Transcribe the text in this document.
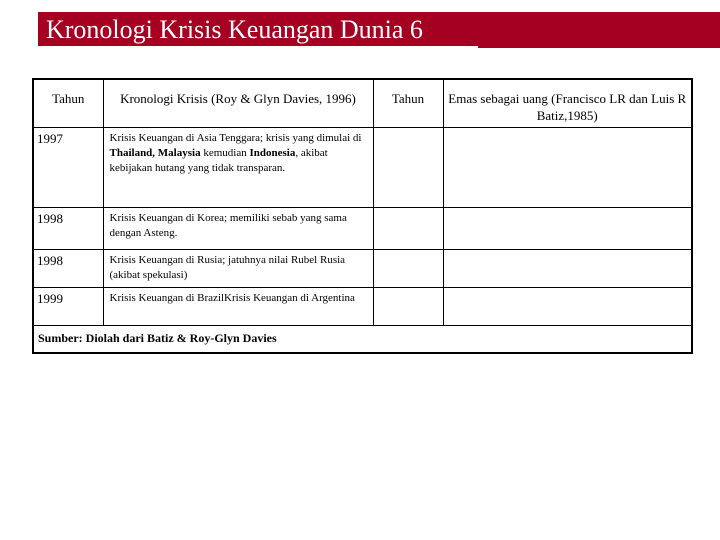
Kronologi Krisis Keuangan Dunia 6
Tahun	Kronologi Krisis (Roy & Glyn Davies, 1996)	Tahun	Emas sebagai uang (Francisco LR dan Luis R Batiz,1985)
1997	Krisis Keuangan di Asia Tenggara; krisis yang dimulai di Thailand, Malaysia kemudian Indonesia, akibat kebijakan hutang yang tidak transparan.		
1998	Krisis Keuangan di Korea; memiliki sebab yang sama dengan Asteng.		
1998	Krisis Keuangan di Rusia; jatuhnya nilai Rubel Rusia (akibat spekulasi)		
1999	Krisis Keuangan di BrazilKrisis Keuangan di Argentina		
Sumber: Diolah dari Batiz & Roy-Glyn Davies			
